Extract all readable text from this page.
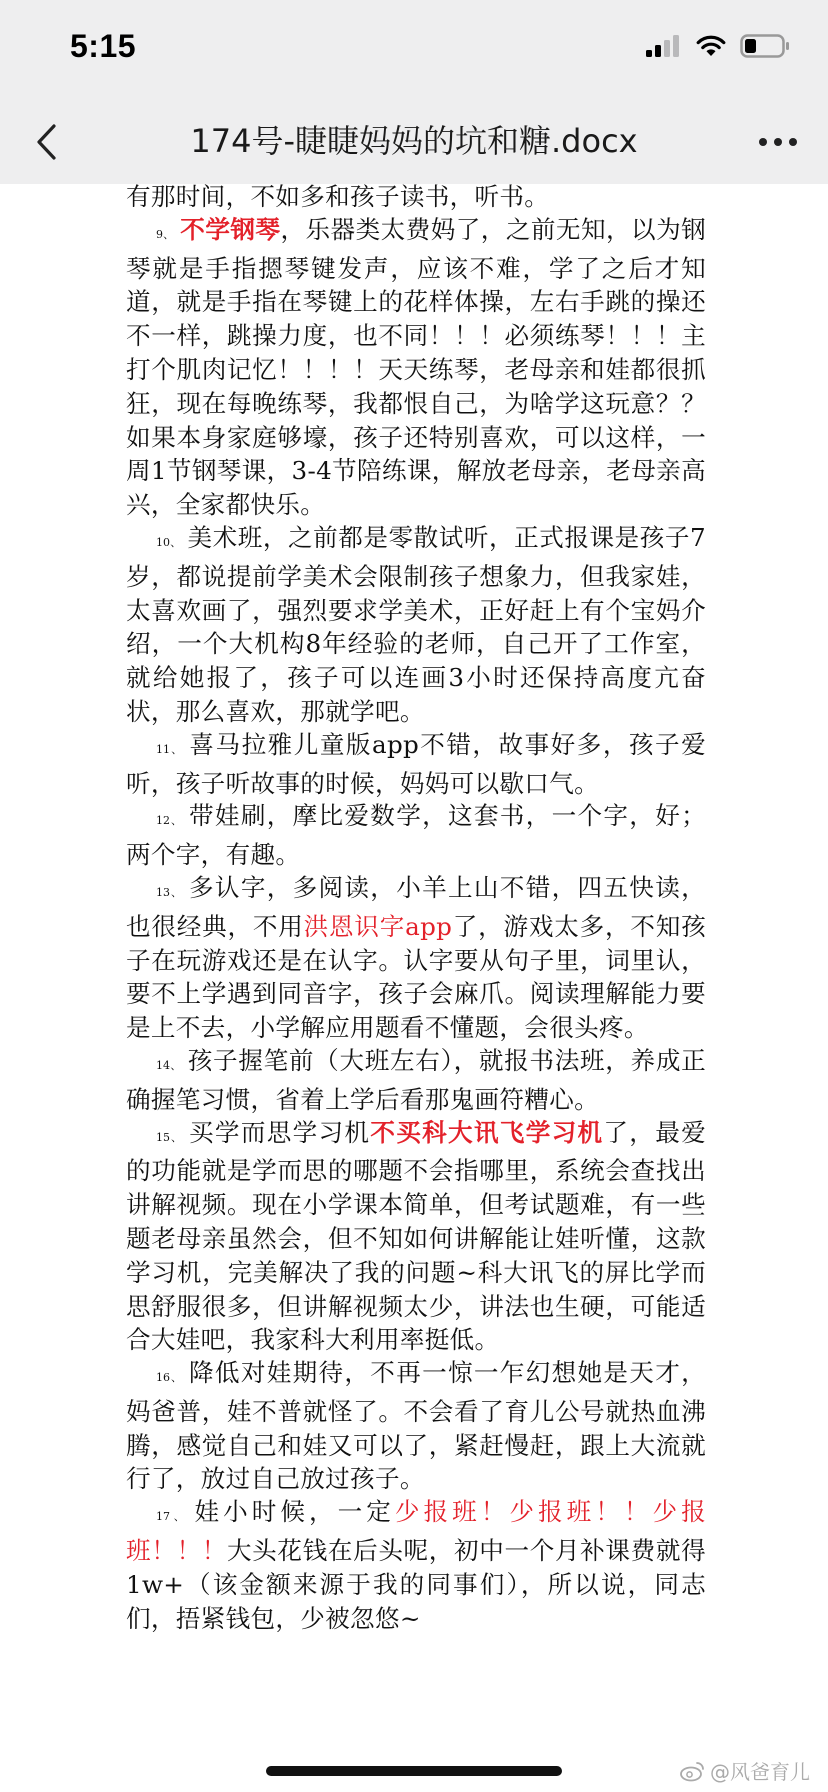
5:15
174号-睫睫妈妈的坑和糖.docx

有那时间，不如多和孩子读书，听书。

9、 不学钢琴，乐器类太费妈了，之前无知，以为钢琴就是手指摁琴键发声，应该不难，学了之后才知道，就是手指在琴键上的花样体操，左右手跳的操还不一样，跳操力度，也不同！！！必须练琴！！！主打个肌肉记忆！！！！天天练琴，老母亲和娃都很抓狂，现在每晚练琴，我都恨自己，为啥学这玩意？？如果本身家庭够壕，孩子还特别喜欢，可以这样，一周1节钢琴课，3-4节陪练课，解放老母亲，老母亲高兴，全家都快乐。

10、 美术班，之前都是零散试听，正式报课是孩子7岁，都说提前学美术会限制孩子想象力，但我家娃，太喜欢画了，强烈要求学美术，正好赶上有个宝妈介绍，一个大机构8年经验的老师，自己开了工作室，就给她报了，孩子可以连画3小时还保持高度亢奋状，那么喜欢，那就学吧。

11、 喜马拉雅儿童版app不错，故事好多，孩子爱听，孩子听故事的时候，妈妈可以歇口气。

12、 带娃刷，摩比爱数学，这套书，一个字，好；两个字，有趣。

13、 多认字，多阅读，小羊上山不错，四五快读，也很经典，不用洪恩识字app了，游戏太多，不知孩子在玩游戏还是在认字。认字要从句子里，词里认，要不上学遇到同音字，孩子会麻爪。阅读理解能力要是上不去，小学解应用题看不懂题，会很头疼。

14、 孩子握笔前（大班左右），就报书法班，养成正确握笔习惯，省着上学后看那鬼画符糟心。

15、 买学而思学习机不买科大讯飞学习机了，最爱的功能就是学而思的哪题不会指哪里，系统会查找出讲解视频。现在小学课本简单，但考试题难，有一些题老母亲虽然会，但不知如何讲解能让娃听懂，这款学习机，完美解决了我的问题~科大讯飞的屏比学而思舒服很多，但讲解视频太少，讲法也生硬，可能适合大娃吧，我家科大利用率挺低。

16、 降低对娃期待，不再一惊一乍幻想她是天才，妈爸普，娃不普就怪了。不会看了育儿公号就热血沸腾，感觉自己和娃又可以了，紧赶慢赶，跟上大流就行了，放过自己放过孩子。

17、 娃小时候，一定少报班！少报班！！少报班！！！大头花钱在后头呢，初中一个月补课费就得1w+（该金额来源于我的同事们），所以说，同志们，捂紧钱包，少被忽悠~

@风爸育儿
